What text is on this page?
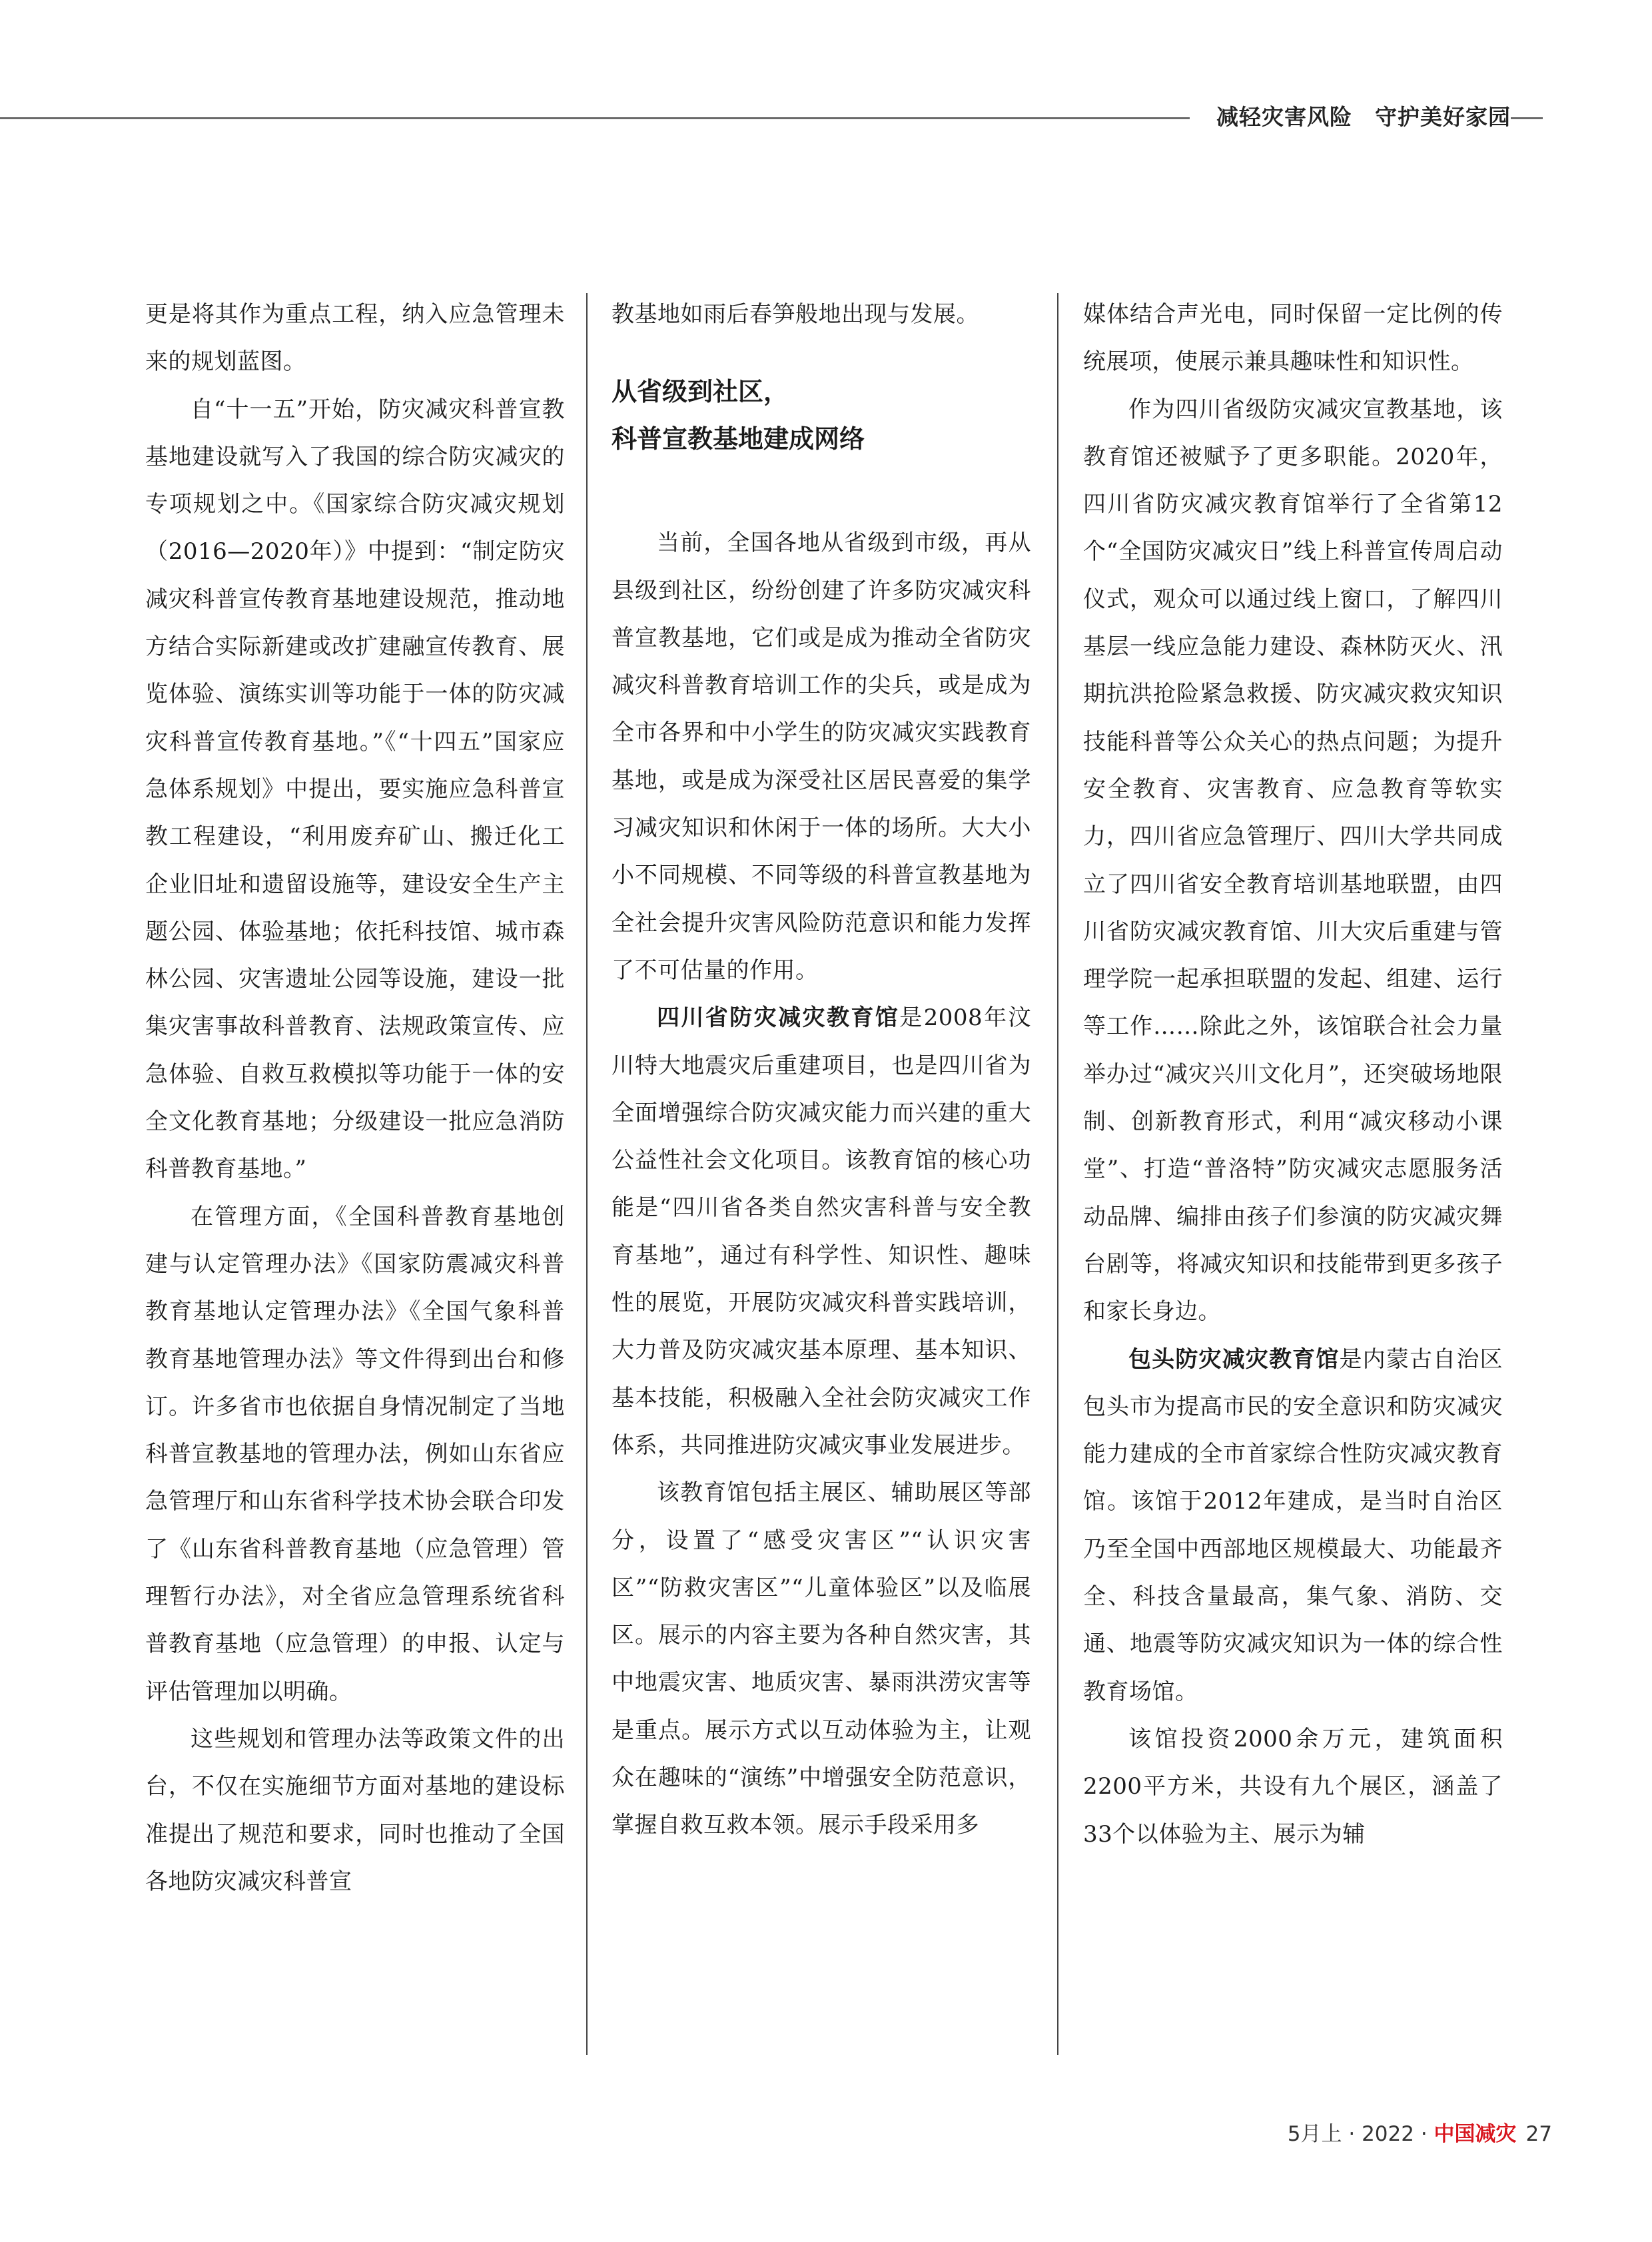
减轻灾害风险　守护美好家园

更是将其作为重点工程，纳入应急管理未来的规划蓝图。

自“十一五”开始，防灾减灾科普宣教基地建设就写入了我国的综合防灾减灾的专项规划之中。《国家综合防灾减灾规划（2016—2020年）》中提到：“制定防灾减灾科普宣传教育基地建设规范，推动地方结合实际新建或改扩建融宣传教育、展览体验、演练实训等功能于一体的防灾减灾科普宣传教育基地。”《“十四五”国家应急体系规划》中提出，要实施应急科普宣教工程建设，“利用废弃矿山、搬迁化工企业旧址和遗留设施等，建设安全生产主题公园、体验基地；依托科技馆、城市森林公园、灾害遗址公园等设施，建设一批集灾害事故科普教育、法规政策宣传、应急体验、自救互救模拟等功能于一体的安全文化教育基地；分级建设一批应急消防科普教育基地。”

在管理方面，《全国科普教育基地创建与认定管理办法》《国家防震减灾科普教育基地认定管理办法》《全国气象科普教育基地管理办法》等文件得到出台和修订。许多省市也依据自身情况制定了当地科普宣教基地的管理办法，例如山东省应急管理厅和山东省科学技术协会联合印发了《山东省科普教育基地（应急管理）管理暂行办法》，对全省应急管理系统省科普教育基地（应急管理）的申报、认定与评估管理加以明确。

这些规划和管理办法等政策文件的出台，不仅在实施细节方面对基地的建设标准提出了规范和要求，同时也推动了全国各地防灾减灾科普宣

教基地如雨后春笋般地出现与发展。

从省级到社区，
科普宣教基地建成网络

当前，全国各地从省级到市级，再从县级到社区，纷纷创建了许多防灾减灾科普宣教基地，它们或是成为推动全省防灾减灾科普教育培训工作的尖兵，或是成为全市各界和中小学生的防灾减灾实践教育基地，或是成为深受社区居民喜爱的集学习减灾知识和休闲于一体的场所。大大小小不同规模、不同等级的科普宣教基地为全社会提升灾害风险防范意识和能力发挥了不可估量的作用。

四川省防灾减灾教育馆是2008年汶川特大地震灾后重建项目，也是四川省为全面增强综合防灾减灾能力而兴建的重大公益性社会文化项目。该教育馆的核心功能是“四川省各类自然灾害科普与安全教育基地”，通过有科学性、知识性、趣味性的展览，开展防灾减灾科普实践培训，大力普及防灾减灾基本原理、基本知识、基本技能，积极融入全社会防灾减灾工作体系，共同推进防灾减灾事业发展进步。

该教育馆包括主展区、辅助展区等部分，设置了“感受灾害区”“认识灾害区”“防救灾害区”“儿童体验区”以及临展区。展示的内容主要为各种自然灾害，其中地震灾害、地质灾害、暴雨洪涝灾害等是重点。展示方式以互动体验为主，让观众在趣味的“演练”中增强安全防范意识，掌握自救互救本领。展示手段采用多

媒体结合声光电，同时保留一定比例的传统展项，使展示兼具趣味性和知识性。

作为四川省级防灾减灾宣教基地，该教育馆还被赋予了更多职能。2020年，四川省防灾减灾教育馆举行了全省第12个“全国防灾减灾日”线上科普宣传周启动仪式，观众可以通过线上窗口，了解四川基层一线应急能力建设、森林防灭火、汛期抗洪抢险紧急救援、防灾减灾救灾知识技能科普等公众关心的热点问题；为提升安全教育、灾害教育、应急教育等软实力，四川省应急管理厅、四川大学共同成立了四川省安全教育培训基地联盟，由四川省防灾减灾教育馆、川大灾后重建与管理学院一起承担联盟的发起、组建、运行等工作……除此之外，该馆联合社会力量举办过“减灾兴川文化月”，还突破场地限制、创新教育形式，利用“减灾移动小课堂”、打造“普洛特”防灾减灾志愿服务活动品牌、编排由孩子们参演的防灾减灾舞台剧等，将减灾知识和技能带到更多孩子和家长身边。

包头防灾减灾教育馆是内蒙古自治区包头市为提高市民的安全意识和防灾减灾能力建成的全市首家综合性防灾减灾教育馆。该馆于2012年建成，是当时自治区乃至全国中西部地区规模最大、功能最齐全、科技含量最高，集气象、消防、交通、地震等防灾减灾知识为一体的综合性教育场馆。

该馆投资2000余万元，建筑面积2200平方米，共设有九个展区，涵盖了33个以体验为主、展示为辅

5月上 · 2022 · 中国减灾 27
